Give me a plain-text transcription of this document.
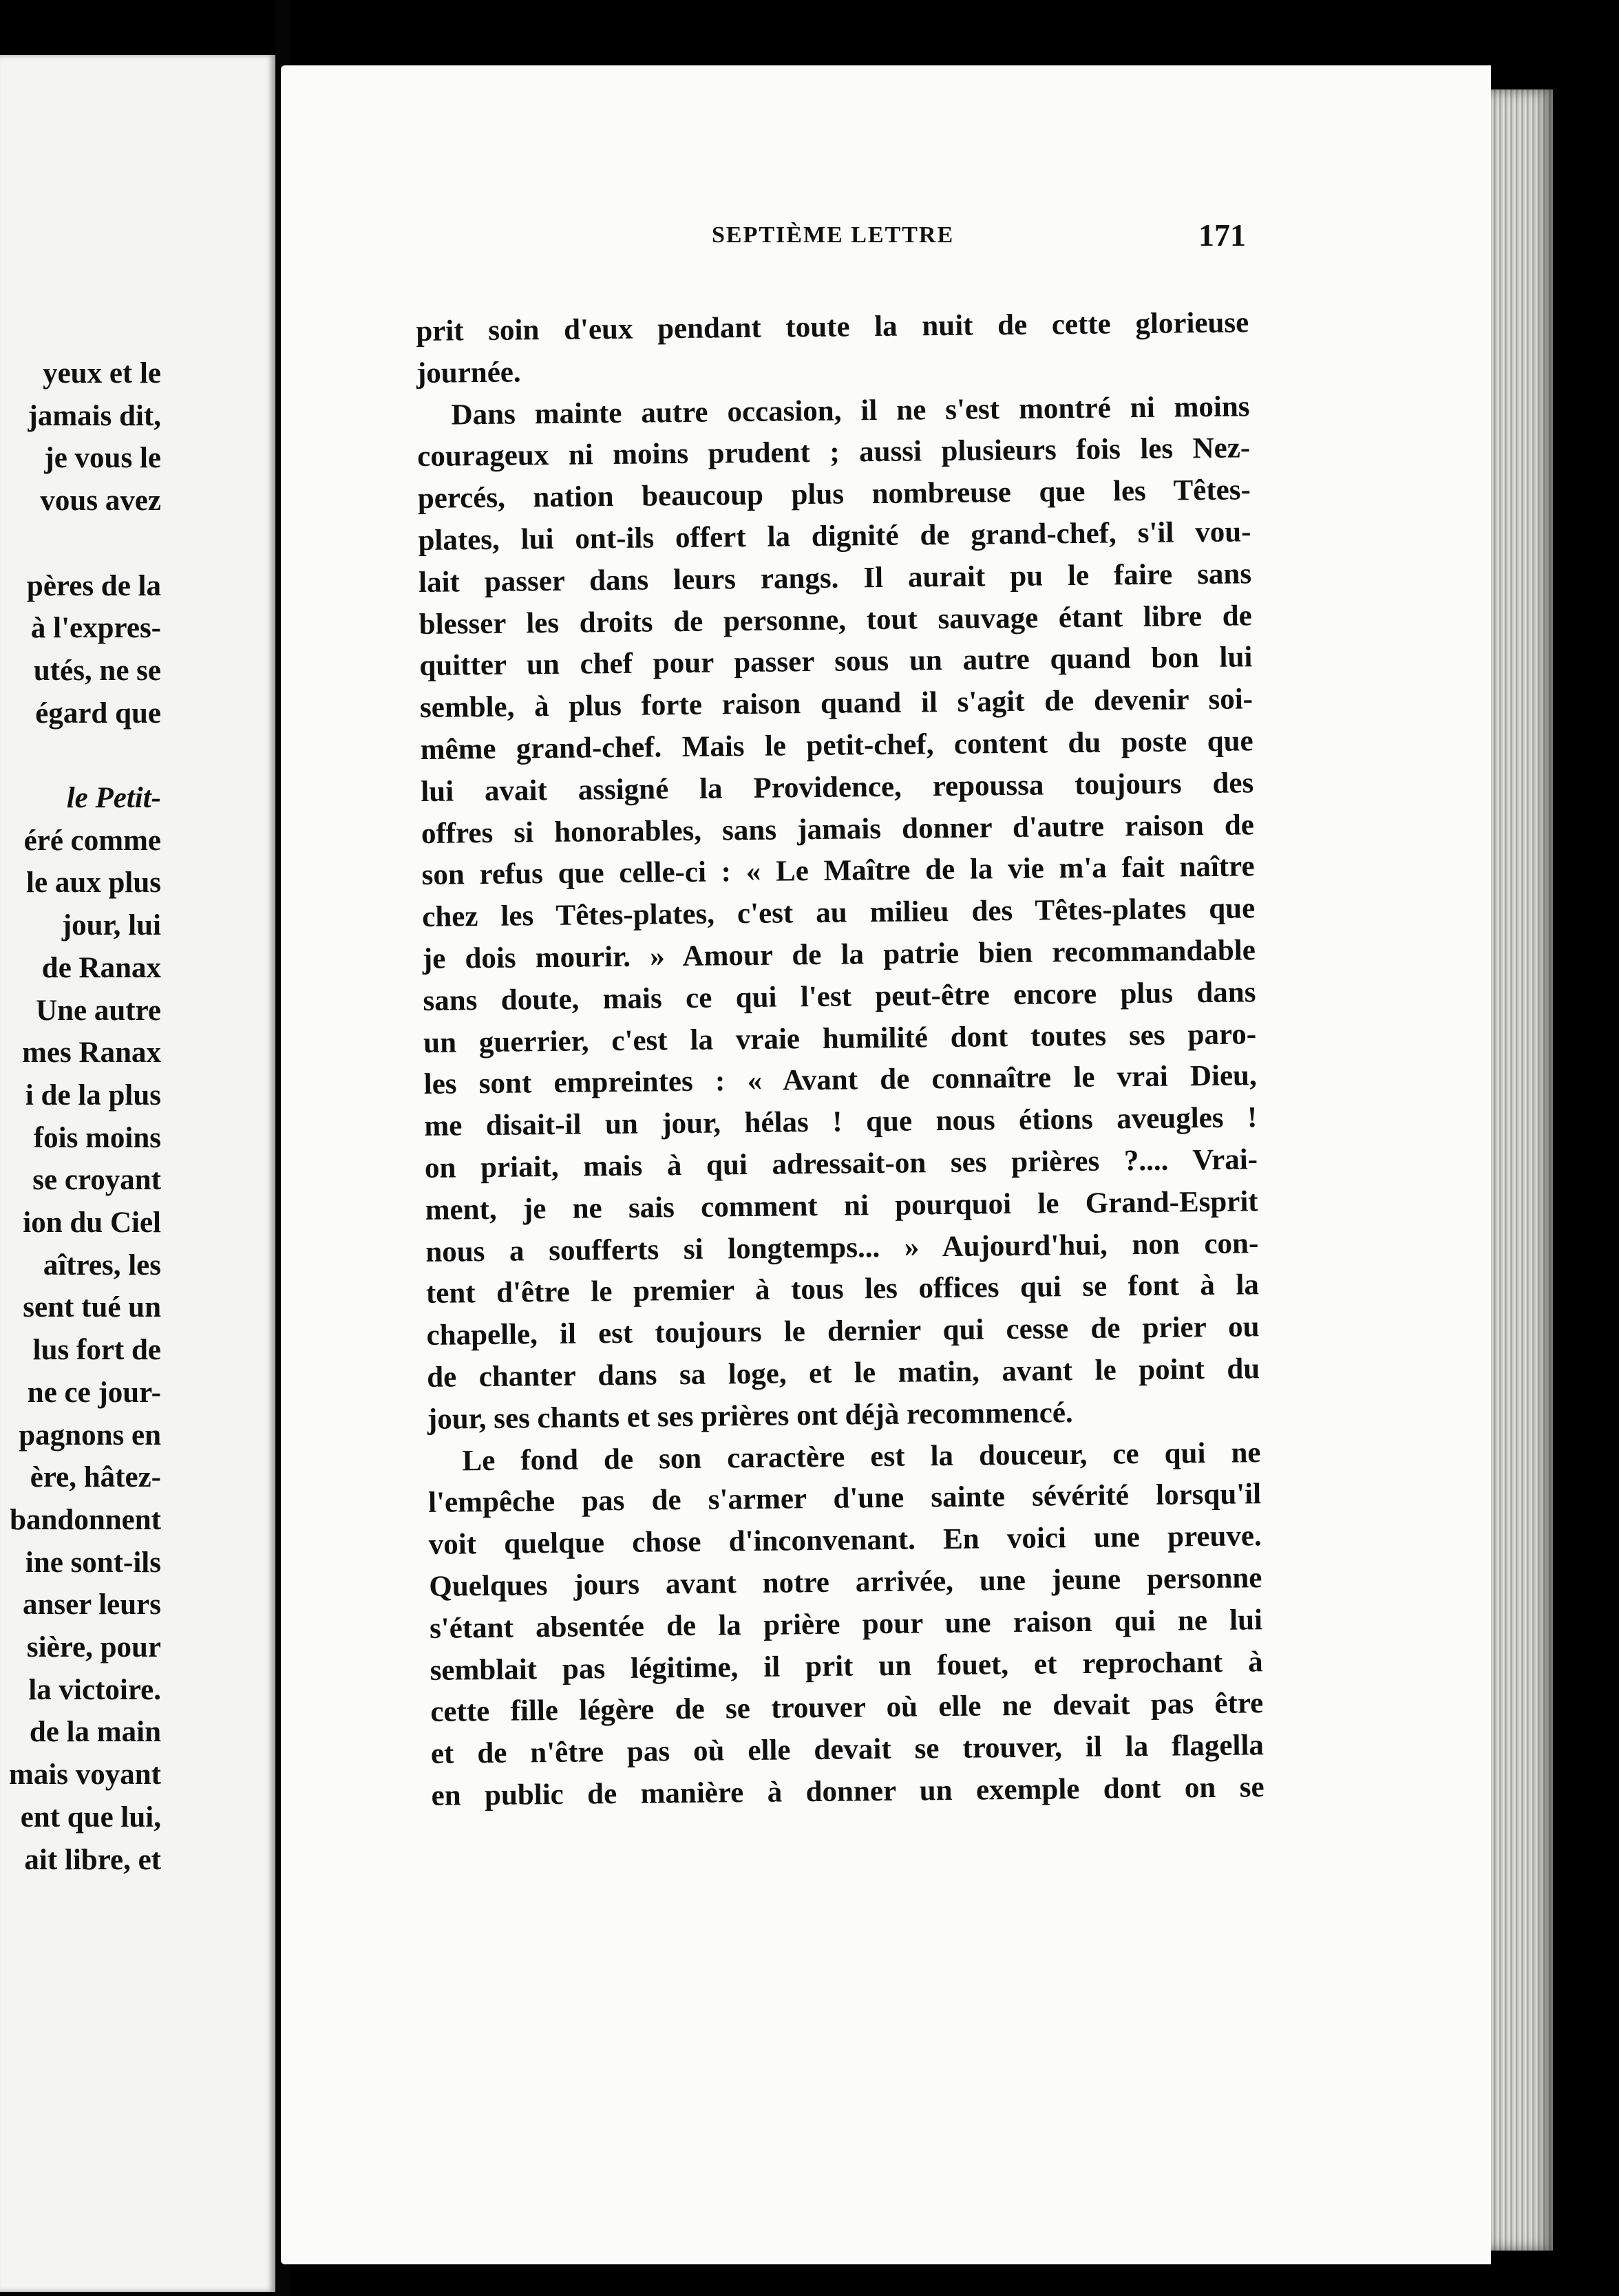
yeux et le
jamais dit,
je vous le
vous avez
pères de la
à l'expres-
utés, ne se
égard que
le Petit-
éré comme
le aux plus
jour, lui
de Ranax
Une autre
mes Ranax
i de la plus
fois moins
se croyant
ion du Ciel
aîtres, les
sent tué un
lus fort de
ne ce jour-
pagnons en
ère, hâtez-
bandonnent
ine sont-ils
anser leurs
sière, pour
la victoire.
de la main
mais voyant
ent que lui,
ait libre, et
SEPTIÈME LETTRE	171
prit soin d'eux pendant toute la nuit de cette glorieuse
journée.
Dans mainte autre occasion, il ne s'est montré ni moins
courageux ni moins prudent ; aussi plusieurs fois les Nez-
percés, nation beaucoup plus nombreuse que les Têtes-
plates, lui ont-ils offert la dignité de grand-chef, s'il vou-
lait passer dans leurs rangs. Il aurait pu le faire sans
blesser les droits de personne, tout sauvage étant libre de
quitter un chef pour passer sous un autre quand bon lui
semble, à plus forte raison quand il s'agit de devenir soi-
même grand-chef. Mais le petit-chef, content du poste que
lui avait assigné la Providence, repoussa toujours des
offres si honorables, sans jamais donner d'autre raison de
son refus que celle-ci : « Le Maître de la vie m'a fait naître
chez les Têtes-plates, c'est au milieu des Têtes-plates que
je dois mourir. » Amour de la patrie bien recommandable
sans doute, mais ce qui l'est peut-être encore plus dans
un guerrier, c'est la vraie humilité dont toutes ses paro-
les sont empreintes : « Avant de connaître le vrai Dieu,
me disait-il un jour, hélas ! que nous étions aveugles !
on priait, mais à qui adressait-on ses prières ?.... Vrai-
ment, je ne sais comment ni pourquoi le Grand-Esprit
nous a soufferts si longtemps... » Aujourd'hui, non con-
tent d'être le premier à tous les offices qui se font à la
chapelle, il est toujours le dernier qui cesse de prier ou
de chanter dans sa loge, et le matin, avant le point du
jour, ses chants et ses prières ont déjà recommencé.
Le fond de son caractère est la douceur, ce qui ne
l'empêche pas de s'armer d'une sainte sévérité lorsqu'il
voit quelque chose d'inconvenant. En voici une preuve.
Quelques jours avant notre arrivée, une jeune personne
s'étant absentée de la prière pour une raison qui ne lui
semblait pas légitime, il prit un fouet, et reprochant à
cette fille légère de se trouver où elle ne devait pas être
et de n'être pas où elle devait se trouver, il la flagella
en public de manière à donner un exemple dont on se
